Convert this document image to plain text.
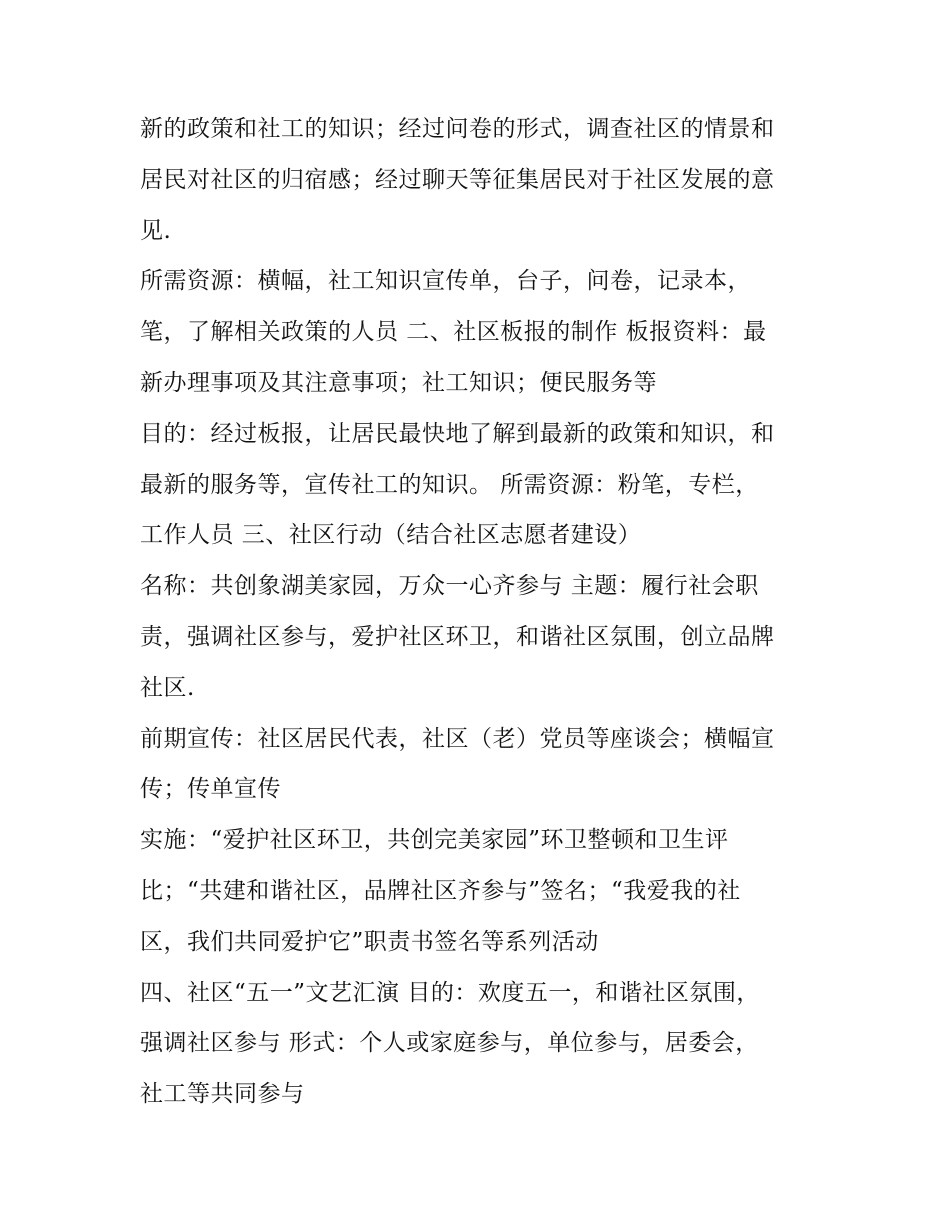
新的政策和社工的知识；经过问卷的形式，调查社区的情景和
居民对社区的归宿感；经过聊天等征集居民对于社区发展的意
见.
所需资源：横幅，社工知识宣传单，台子，问卷，记录本，
笔，了解相关政策的人员 二、社区板报的制作 板报资料：最
新办理事项及其注意事项；社工知识；便民服务等
目的：经过板报，让居民最快地了解到最新的政策和知识，和
最新的服务等，宣传社工的知识。 所需资源：粉笔，专栏，
工作人员 三、社区行动（结合社区志愿者建设）
名称：共创象湖美家园，万众一心齐参与 主题：履行社会职
责，强调社区参与，爱护社区环卫，和谐社区氛围，创立品牌
社区.
前期宣传：社区居民代表，社区（老）党员等座谈会；横幅宣
传；传单宣传
实施：“爱护社区环卫，共创完美家园”环卫整顿和卫生评
比；“共建和谐社区，品牌社区齐参与”签名；“我爱我的社
区，我们共同爱护它”职责书签名等系列活动
四、社区“五一”文艺汇演 目的：欢度五一，和谐社区氛围，
强调社区参与 形式：个人或家庭参与，单位参与，居委会，
社工等共同参与
